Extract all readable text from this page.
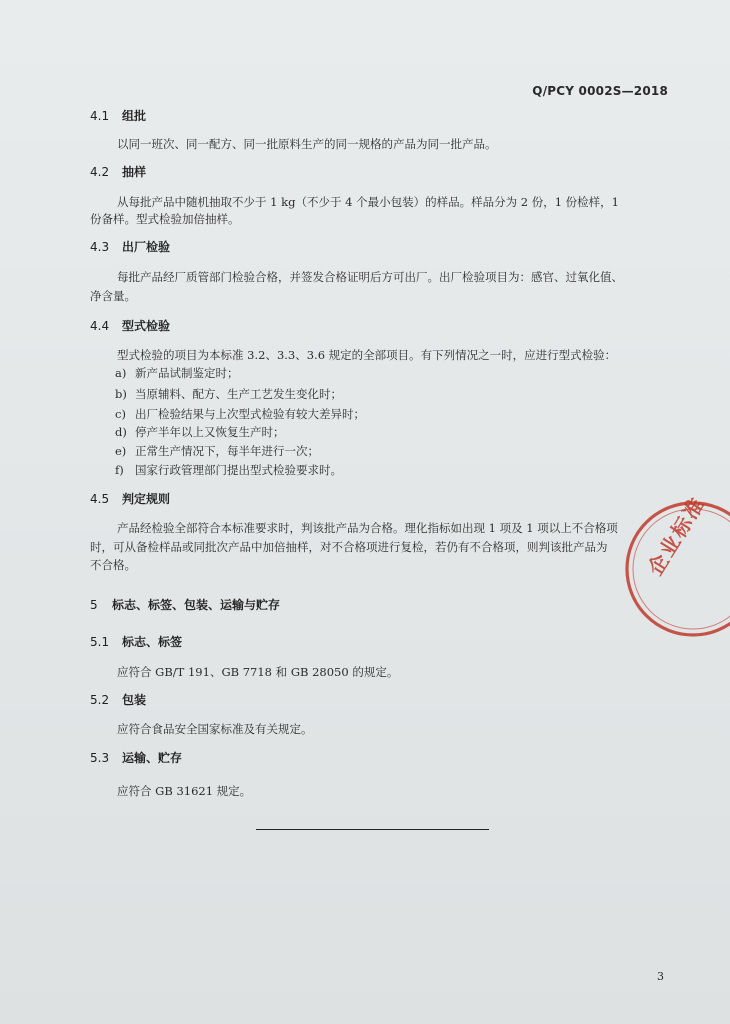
Q/PCY 0002S—2018
4.1 组批
以同一班次、同一配方、同一批原料生产的同一规格的产品为同一批产品。
4.2 抽样
从每批产品中随机抽取不少于 1 kg（不少于 4 个最小包装）的样品。样品分为 2 份，1 份检样，1
份备样。型式检验加倍抽样。
4.3 出厂检验
每批产品经厂质管部门检验合格，并签发合格证明后方可出厂。出厂检验项目为：感官、过氧化值、
净含量。
4.4 型式检验
型式检验的项目为本标准 3.2、3.3、3.6 规定的全部项目。有下列情况之一时，应进行型式检验：
a) 新产品试制鉴定时；
b) 当原辅料、配方、生产工艺发生变化时；
c) 出厂检验结果与上次型式检验有较大差异时；
d) 停产半年以上又恢复生产时；
e) 正常生产情况下，每半年进行一次；
f) 国家行政管理部门提出型式检验要求时。
4.5 判定规则
产品经检验全部符合本标准要求时，判该批产品为合格。理化指标如出现 1 项及 1 项以上不合格项
时，可从备检样品或同批次产品中加倍抽样，对不合格项进行复检，若仍有不合格项，则判该批产品为
不合格。
5 标志、标签、包装、运输与贮存
5.1 标志、标签
应符合 GB/T 191、GB 7718 和 GB 28050 的规定。
5.2 包装
应符合食品安全国家标准及有关规定。
5.3 运输、贮存
应符合 GB 31621 规定。
3
企业标准
